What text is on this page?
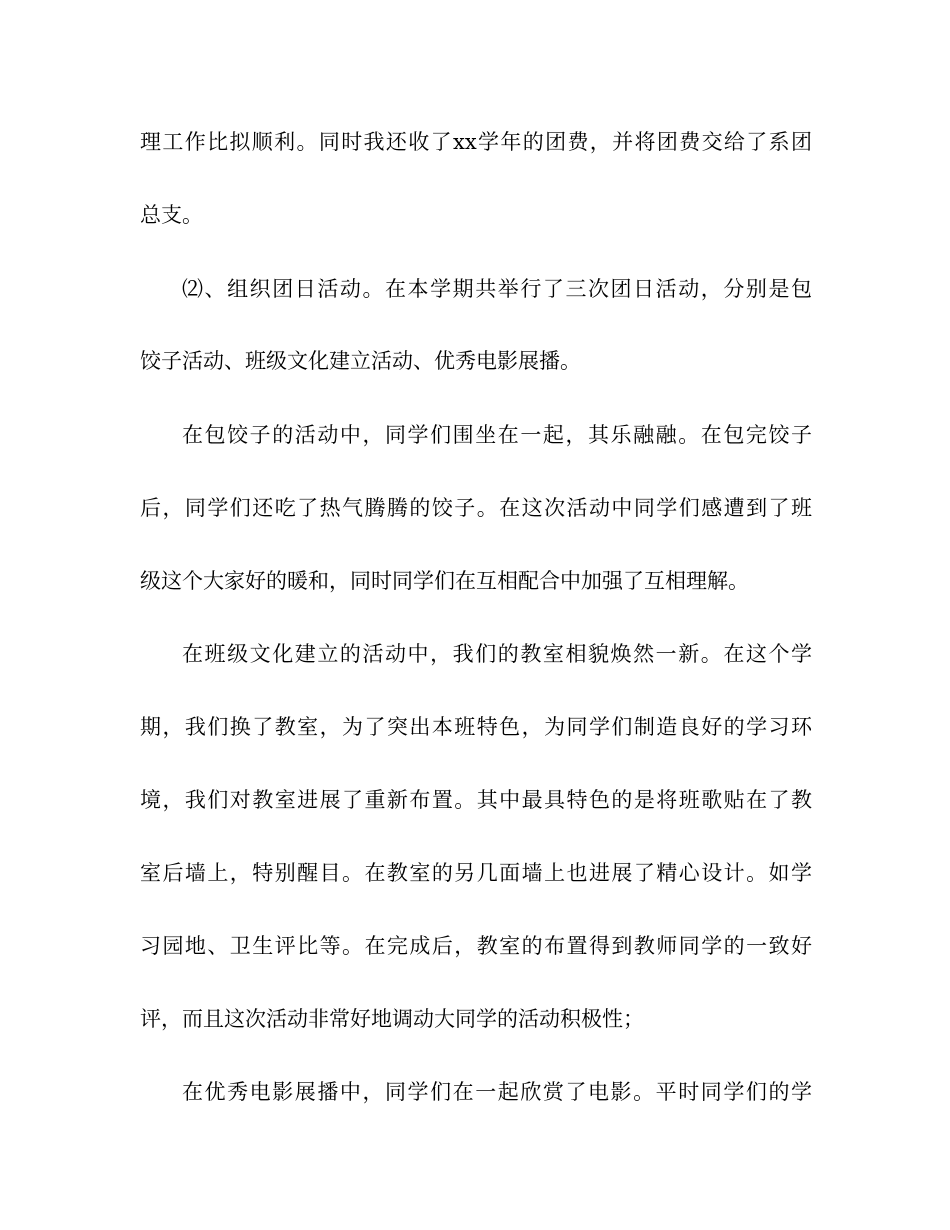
理工作比拟顺利。同时我还收了xx学年的团费，并将团费交给了系团
总支。
⑵、组织团日活动。在本学期共举行了三次团日活动，分别是包
饺子活动、班级文化建立活动、优秀电影展播。
在包饺子的活动中，同学们围坐在一起，其乐融融。在包完饺子
后，同学们还吃了热气腾腾的饺子。在这次活动中同学们感遭到了班
级这个大家好的暖和，同时同学们在互相配合中加强了互相理解。
在班级文化建立的活动中，我们的教室相貌焕然一新。在这个学
期，我们换了教室，为了突出本班特色，为同学们制造良好的学习环
境，我们对教室进展了重新布置。其中最具特色的是将班歌贴在了教
室后墙上，特别醒目。在教室的另几面墙上也进展了精心设计。如学
习园地、卫生评比等。在完成后，教室的布置得到教师同学的一致好
评，而且这次活动非常好地调动大同学的活动积极性；
在优秀电影展播中，同学们在一起欣赏了电影。平时同学们的学
